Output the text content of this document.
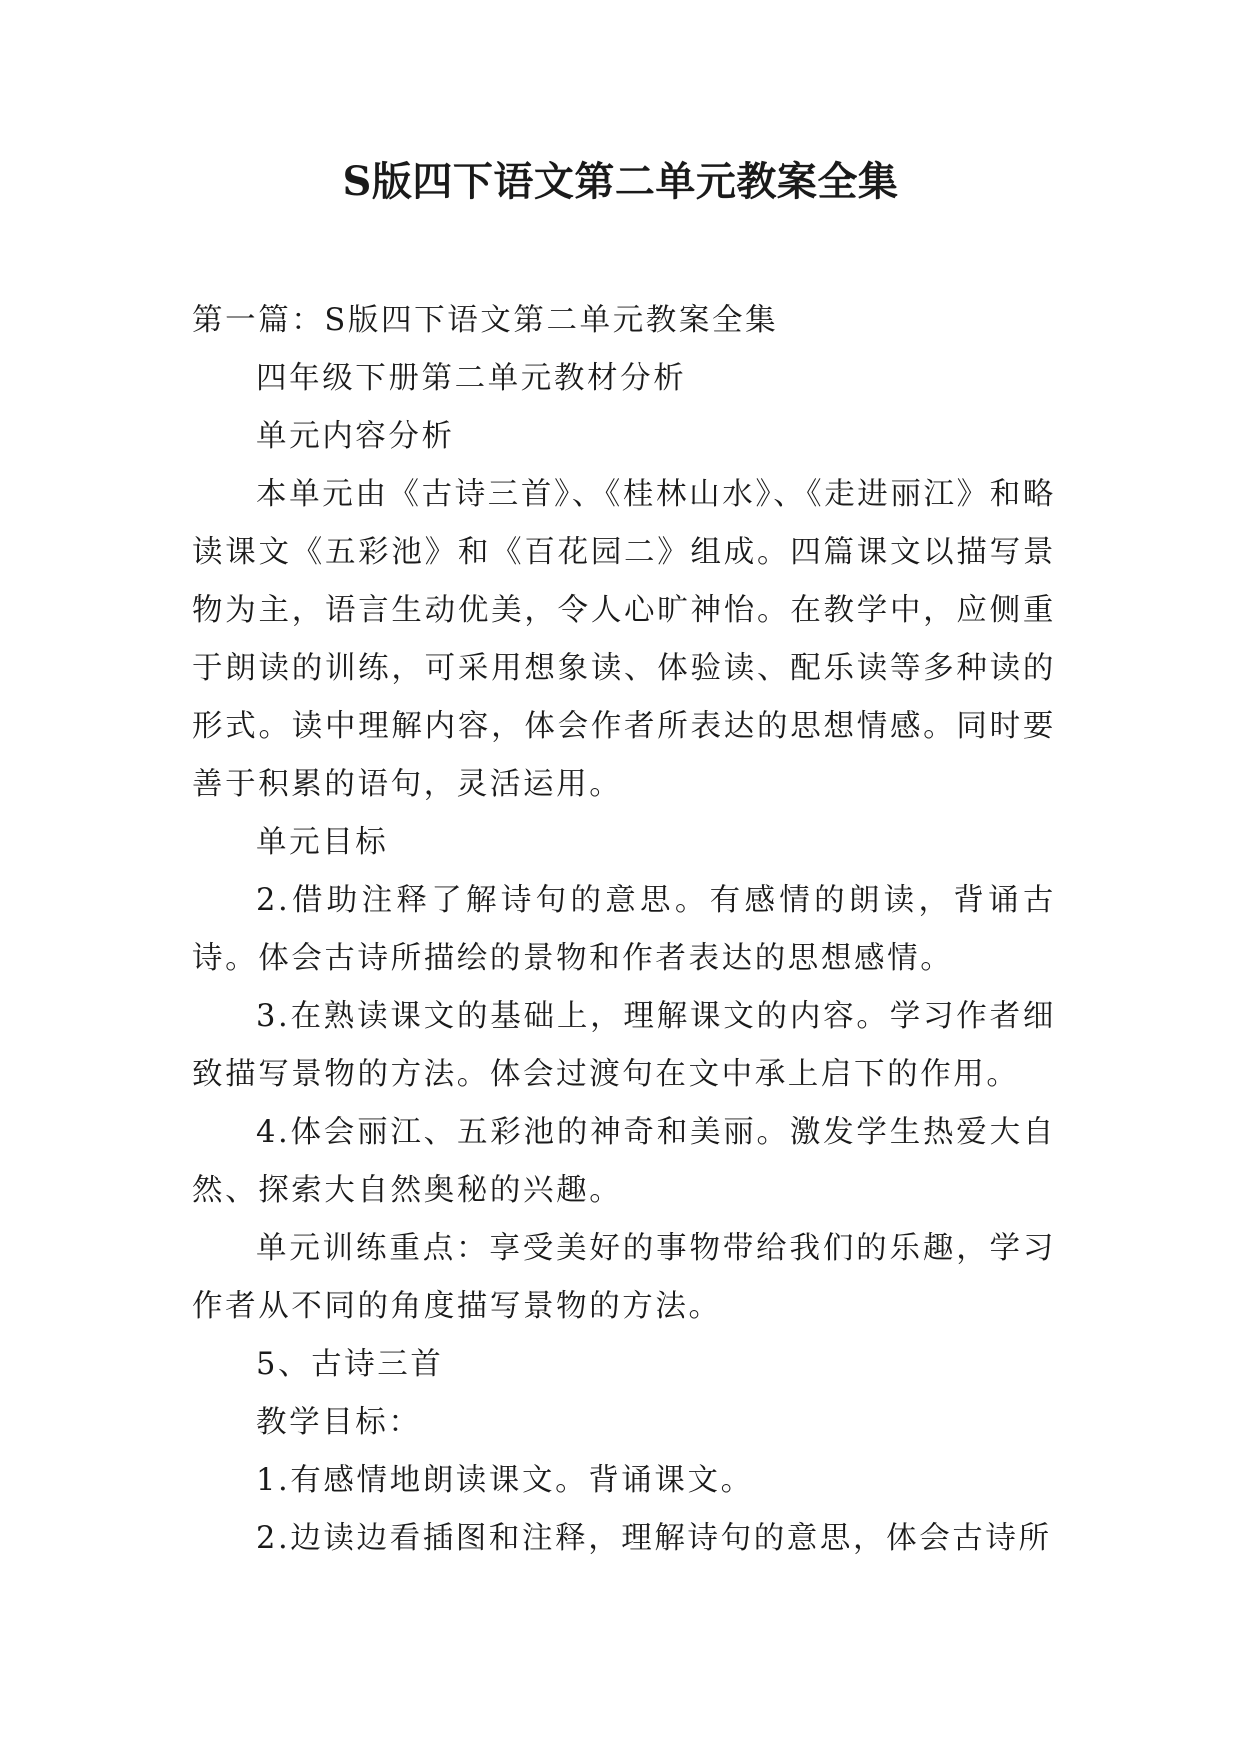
S版四下语文第二单元教案全集

第一篇：S版四下语文第二单元教案全集

四年级下册第二单元教材分析

单元内容分析

本单元由《古诗三首》、《桂林山水》、《走进丽江》和略读课文《五彩池》和《百花园二》组成。四篇课文以描写景物为主，语言生动优美，令人心旷神怡。在教学中，应侧重于朗读的训练，可采用想象读、体验读、配乐读等多种读的形式。读中理解内容，体会作者所表达的思想情感。同时要善于积累的语句，灵活运用。

单元目标

2.借助注释了解诗句的意思。有感情的朗读，背诵古诗。体会古诗所描绘的景物和作者表达的思想感情。

3.在熟读课文的基础上，理解课文的内容。学习作者细致描写景物的方法。体会过渡句在文中承上启下的作用。

4.体会丽江、五彩池的神奇和美丽。激发学生热爱大自然、探索大自然奥秘的兴趣。

单元训练重点：享受美好的事物带给我们的乐趣，学习作者从不同的角度描写景物的方法。

5、古诗三首

教学目标：

1.有感情地朗读课文。背诵课文。

2.边读边看插图和注释，理解诗句的意思，体会古诗所
